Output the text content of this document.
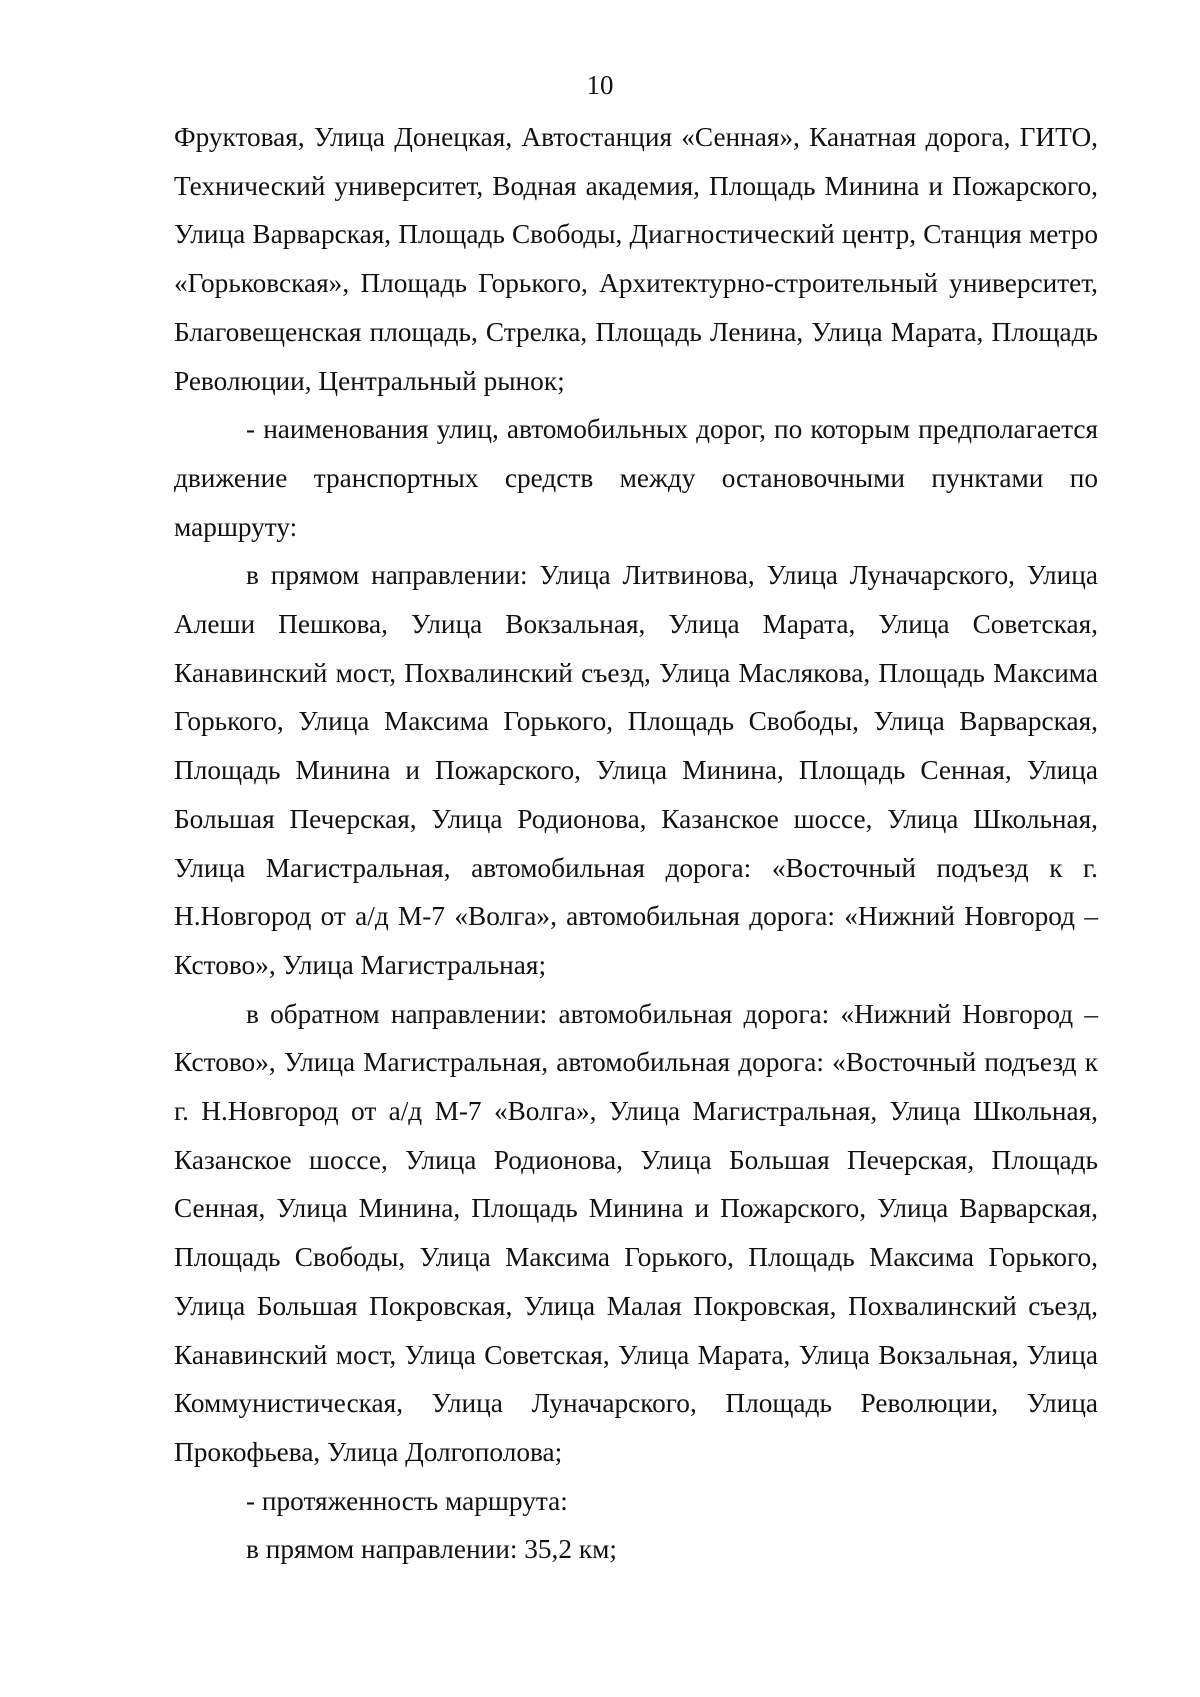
10

Фруктовая, Улица Донецкая, Автостанция «Сенная», Канатная дорога, ГИТО, Технический университет, Водная академия, Площадь Минина и Пожарского, Улица Варварская, Площадь Свободы, Диагностический центр, Станция метро «Горьковская», Площадь Горького, Архитектурно-строительный университет, Благовещенская площадь, Стрелка, Площадь Ленина, Улица Марата, Площадь Революции, Центральный рынок;

- наименования улиц, автомобильных дорог, по которым предполагается движение транспортных средств между остановочными пунктами по маршруту:

в прямом направлении: Улица Литвинова, Улица Луначарского, Улица Алеши Пешкова, Улица Вокзальная, Улица Марата, Улица Советская, Канавинский мост, Похвалинский съезд, Улица Маслякова, Площадь Максима Горького, Улица Максима Горького, Площадь Свободы, Улица Варварская, Площадь Минина и Пожарского, Улица Минина, Площадь Сенная, Улица Большая Печерская, Улица Родионова, Казанское шоссе, Улица Школьная, Улица Магистральная, автомобильная дорога: «Восточный подъезд к г. Н.Новгород от а/д М-7 «Волга», автомобильная дорога: «Нижний Новгород – Кстово», Улица Магистральная;

в обратном направлении: автомобильная дорога: «Нижний Новгород – Кстово», Улица Магистральная, автомобильная дорога: «Восточный подъезд к г. Н.Новгород от а/д М-7 «Волга», Улица Магистральная, Улица Школьная, Казанское шоссе, Улица Родионова, Улица Большая Печерская, Площадь Сенная, Улица Минина, Площадь Минина и Пожарского, Улица Варварская, Площадь Свободы, Улица Максима Горького, Площадь Максима Горького, Улица Большая Покровская, Улица Малая Покровская, Похвалинский съезд, Канавинский мост, Улица Советская, Улица Марата, Улица Вокзальная, Улица Коммунистическая, Улица Луначарского, Площадь Революции, Улица Прокофьева, Улица Долгополова;

- протяженность маршрута:

в прямом направлении: 35,2 км;
